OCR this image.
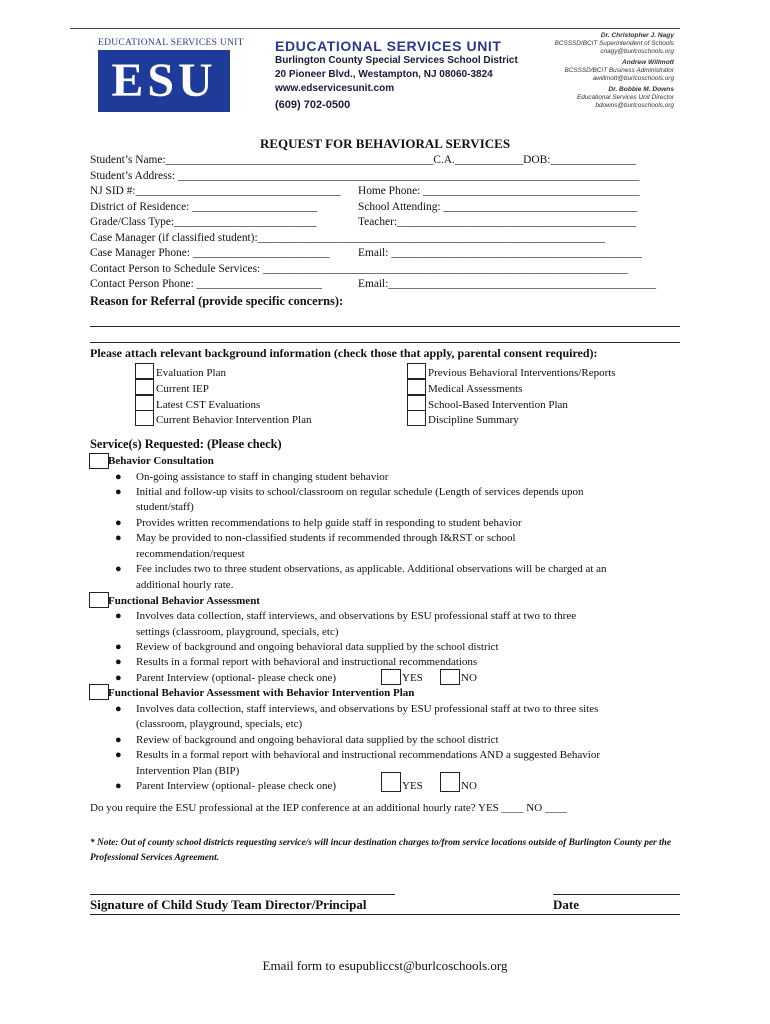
EDUCATIONAL SERVICES UNIT
ESU
EDUCATIONAL SERVICES UNIT
Burlington County Special Services School District
20 Pioneer Blvd., Westampton, NJ 08060-3824
www.edservicesunit.com
(609) 702-0500
Dr. Christopher J. Nagy
BCSSSD/BCIT Superintendent of Schools
cnagy@burlcoschools.org
Andrew Willmott
BCSSSD/BCIT Business Administrator
awillmott@burlcoschools.org
Dr. Bobbie M. Downs
Educational Services Unit Director
bdowns@burlcoschools.org
REQUEST FOR BEHAVIORAL SERVICES
Student’s Name:_______________________________________________C.A.____________DOB:_______________
Student’s Address: _________________________________________________________________________________
NJ SID #:____________________________________ Home Phone: ______________________________________
District of Residence: ______________________	School Attending: __________________________________
Grade/Class Type:_________________________	Teacher:__________________________________________
Case Manager (if classified student):_____________________________________________________________
Case Manager Phone: ________________________	Email: ____________________________________________
Contact Person to Schedule Services: ________________________________________________________________
Contact Person Phone: ______________________	Email:_______________________________________________
Reason for Referral (provide specific concerns):
Please attach relevant background information (check those that apply, parental consent required):
Evaluation Plan
Current IEP
Latest CST Evaluations
Current Behavior Intervention Plan
Previous Behavioral Interventions/Reports
Medical Assessments
School-Based Intervention Plan
Discipline Summary
Service(s) Requested: (Please check)
Behavior Consultation
● On-going assistance to staff in changing student behavior
● Initial and follow-up visits to school/classroom on regular schedule (Length of services depends upon
student/staff)
● Provides written recommendations to help guide staff in responding to student behavior
● May be provided to non-classified students if recommended through I&RST or school
recommendation/request
● Fee includes two to three student observations, as applicable. Additional observations will be charged at an
additional hourly rate.
Functional Behavior Assessment
● Involves data collection, staff interviews, and observations by ESU professional staff at two to three
settings (classroom, playground, specials, etc)
● Review of background and ongoing behavioral data supplied by the school district
● Results in a formal report with behavioral and instructional recommendations
● Parent Interview (optional- please check one)	YES	NO
Functional Behavior Assessment with Behavior Intervention Plan
● Involves data collection, staff interviews, and observations by ESU professional staff at two to three sites
(classroom, playground, specials, etc)
● Review of background and ongoing behavioral data supplied by the school district
● Results in a formal report with behavioral and instructional recommendations AND a suggested Behavior
Intervention Plan (BIP)
● Parent Interview (optional- please check one)	YES	NO
Do you require the ESU professional at the IEP conference at an additional hourly rate? YES ____ NO ____
* Note: Out of county school districts requesting service/s will incur destination charges to/from service locations outside of Burlington County per the Professional Services Agreement.
Signature of Child Study Team Director/Principal	Date
Email form to esupubliccst@burlcoschools.org
